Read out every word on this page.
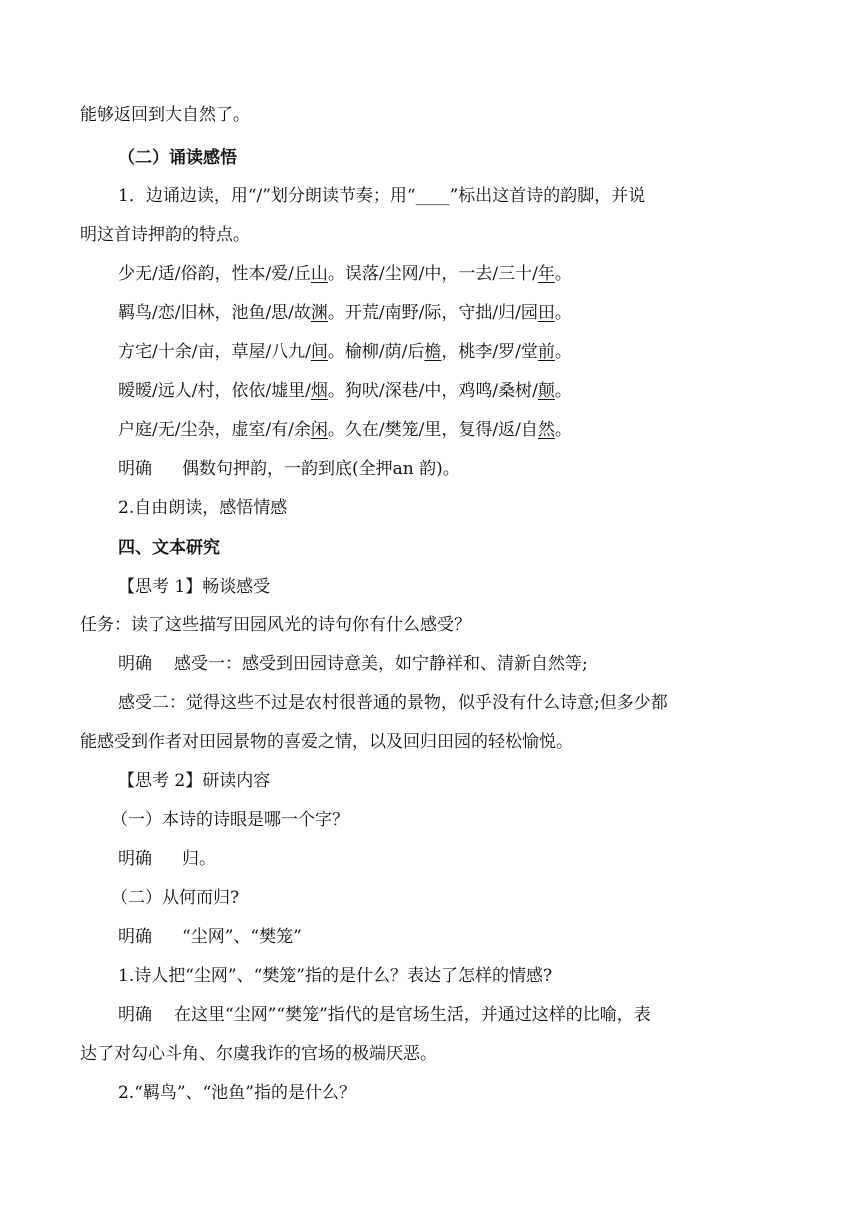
能够返回到大自然了。
（二）诵读感悟
1．边诵边读，用“/”划分朗读节奏；用“____”标出这首诗的韵脚，并说
明这首诗押韵的特点。
少无/适/俗韵，性本/爱/丘山。误落/尘网/中，一去/三十/年。
羁鸟/恋/旧林，池鱼/思/故渊。开荒/南野/际，守拙/归/园田。
方宅/十余/亩，草屋/八九/间。榆柳/荫/后檐，桃李/罗/堂前。
暧暧/远人/村，依依/墟里/烟。狗吠/深巷/中，鸡鸣/桑树/颠。
户庭/无/尘杂，虚室/有/余闲。久在/樊笼/里，复得/返/自然。
明确 偶数句押韵，一韵到底(全押an 韵)。
2.自由朗读，感悟情感
四、文本研究
【思考 1】畅谈感受
任务：读了这些描写田园风光的诗句你有什么感受？
明确 感受一：感受到田园诗意美，如宁静祥和、清新自然等;
感受二：觉得这些不过是农村很普通的景物，似乎没有什么诗意;但多少都
能感受到作者对田园景物的喜爱之情，以及回归田园的轻松愉悦。
【思考 2】研读内容
（一）本诗的诗眼是哪一个字？
明确 归。
（二）从何而归?
明确 “尘网”、“樊笼”
1.诗人把“尘网”、“樊笼”指的是什么？表达了怎样的情感?
明确 在这里“尘网”“樊笼”指代的是官场生活，并通过这样的比喻，表
达了对勾心斗角、尔虞我诈的官场的极端厌恶。
2.“羁鸟”、“池鱼”指的是什么？
